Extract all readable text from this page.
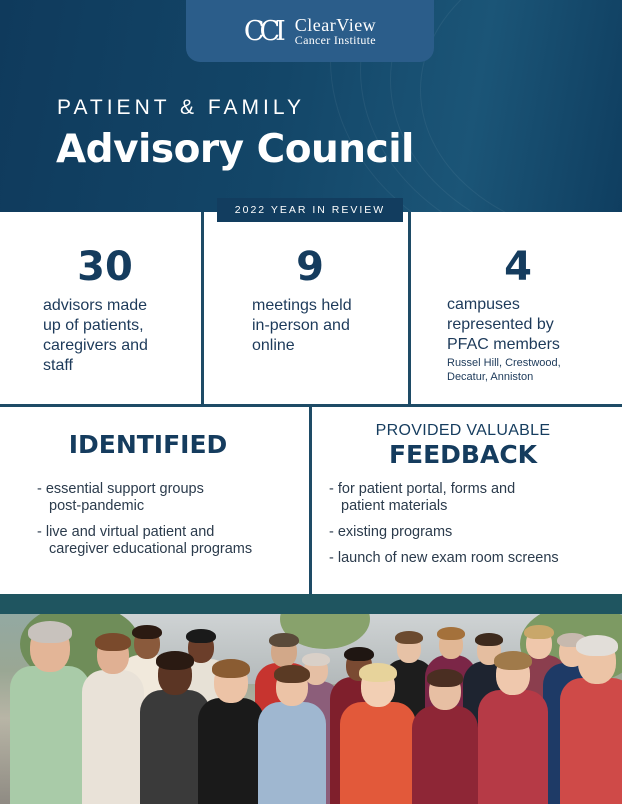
CCI ClearView
Cancer Institute
PATIENT & FAMILY
Advisory Council
2022 YEAR IN REVIEW
30
advisors made
up of patients,
caregivers and
staff
9
meetings held
in-person and
online
4
campuses
represented by
PFAC members
Russel Hill, Crestwood,
Decatur, Anniston
IDENTIFIED
- essential support groups
post-pandemic
- live and virtual patient and
caregiver educational programs
PROVIDED VALUABLE
FEEDBACK
- for patient portal, forms and
patient materials
- existing programs
- launch of new exam room screens
